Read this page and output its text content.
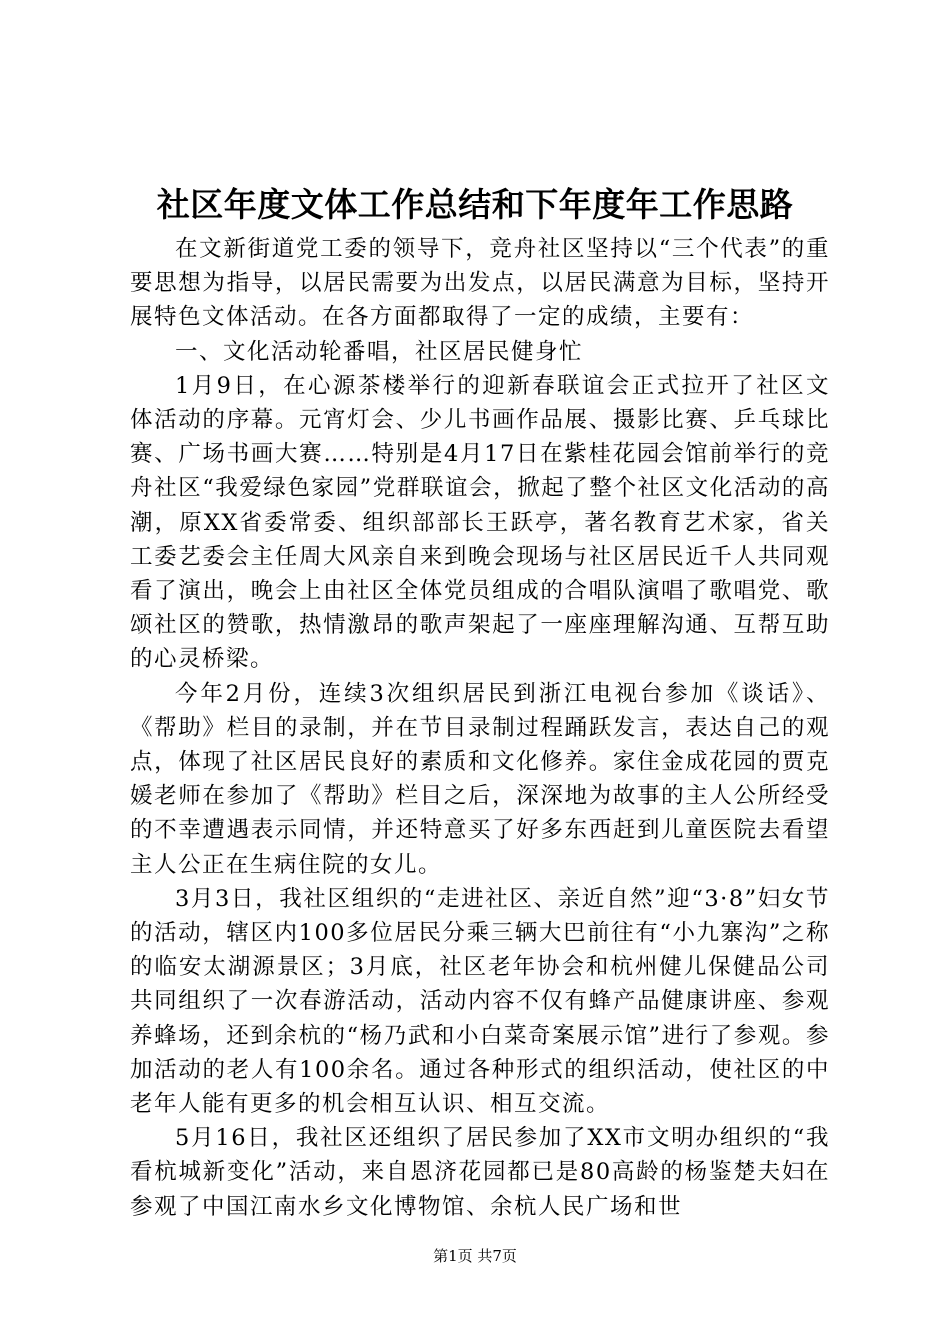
社区年度文体工作总结和下年度年工作思路

在文新街道党工委的领导下，竞舟社区坚持以“三个代表”的重要思想为指导，以居民需要为出发点，以居民满意为目标，坚持开展特色文体活动。在各方面都取得了一定的成绩，主要有：

一、文化活动轮番唱，社区居民健身忙

1月9日，在心源茶楼举行的迎新春联谊会正式拉开了社区文体活动的序幕。元宵灯会、少儿书画作品展、摄影比赛、乒乓球比赛、广场书画大赛……特别是4月17日在紫桂花园会馆前举行的竞舟社区“我爱绿色家园”党群联谊会，掀起了整个社区文化活动的高潮，原XX省委常委、组织部部长王跃亭，著名教育艺术家，省关工委艺委会主任周大风亲自来到晚会现场与社区居民近千人共同观看了演出，晚会上由社区全体党员组成的合唱队演唱了歌唱党、歌颂社区的赞歌，热情激昂的歌声架起了一座座理解沟通、互帮互助的心灵桥梁。

今年2月份，连续3次组织居民到浙江电视台参加《谈话》、《帮助》栏目的录制，并在节目录制过程踊跃发言，表达自己的观点，体现了社区居民良好的素质和文化修养。家住金成花园的贾克媛老师在参加了《帮助》栏目之后，深深地为故事的主人公所经受的不幸遭遇表示同情，并还特意买了好多东西赶到儿童医院去看望主人公正在生病住院的女儿。

3月3日，我社区组织的“走进社区、亲近自然”迎“3·8”妇女节的活动，辖区内100多位居民分乘三辆大巴前往有“小九寨沟”之称的临安太湖源景区；3月底，社区老年协会和杭州健儿保健品公司共同组织了一次春游活动，活动内容不仅有蜂产品健康讲座、参观养蜂场，还到余杭的“杨乃武和小白菜奇案展示馆”进行了参观。参加活动的老人有100余名。通过各种形式的组织活动，使社区的中老年人能有更多的机会相互认识、相互交流。

5月16日，我社区还组织了居民参加了XX市文明办组织的“我看杭城新变化”活动，来自恩济花园都已是80高龄的杨鉴楚夫妇在参观了中国江南水乡文化博物馆、余杭人民广场和世

第1页 共7页
